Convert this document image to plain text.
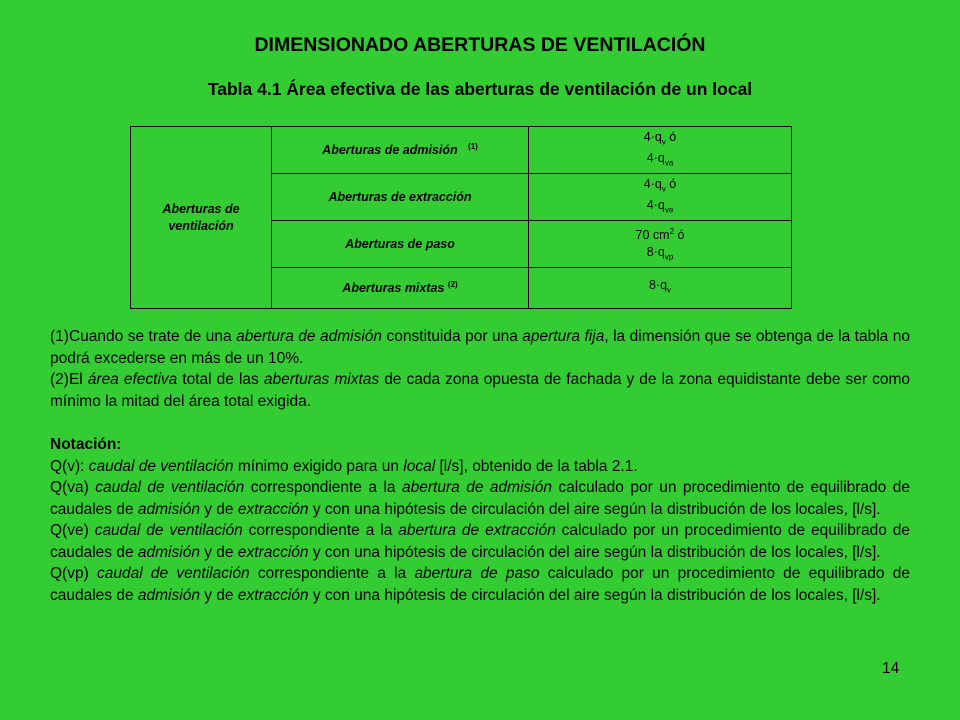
DIMENSIONADO ABERTURAS DE VENTILACIÓN
Tabla 4.1 Área efectiva de las aberturas de ventilación de un local
Aberturas de ventilación	Aberturas de admisión $^{(1)}$	$4\cdot q_v$ ó
$4\cdot q_{va}$
	Aberturas de extracción	$4\cdot q_v$ ó
$4\cdot q_{ve}$
	Aberturas de paso	70 $cm^2$ ó
$8\cdot q_{vp}$
	Aberturas mixtas $^{(2)}$	$8\cdot q_v$

(1)Cuando se trate de una abertura de admisión constituida por una apertura fija, la dimensión que se obtenga de la tabla no podrá excederse en más de un 10%.

(2)El área efectiva total de las aberturas mixtas de cada zona opuesta de fachada y de la zona equidistante debe ser como mínimo la mitad del área total exigida.

Notación:

Q(v): caudal de ventilación mínimo exigido para un local [l/s], obtenido de la tabla 2.1.

Q(va) caudal de ventilación correspondiente a la abertura de admisión calculado por un procedimiento de equilibrado de caudales de admisión y de extracción y con una hipótesis de circulación del aire según la distribución de los locales, [l/s].

Q(ve) caudal de ventilación correspondiente a la abertura de extracción calculado por un procedimiento de equilibrado de caudales de admisión y de extracción y con una hipótesis de circulación del aire según la distribución de los locales, [l/s].

Q(vp) caudal de ventilación correspondiente a la abertura de paso calculado por un procedimiento de equilibrado de caudales de admisión y de extracción y con una hipótesis de circulación del aire según la distribución de los locales, [l/s].

14
